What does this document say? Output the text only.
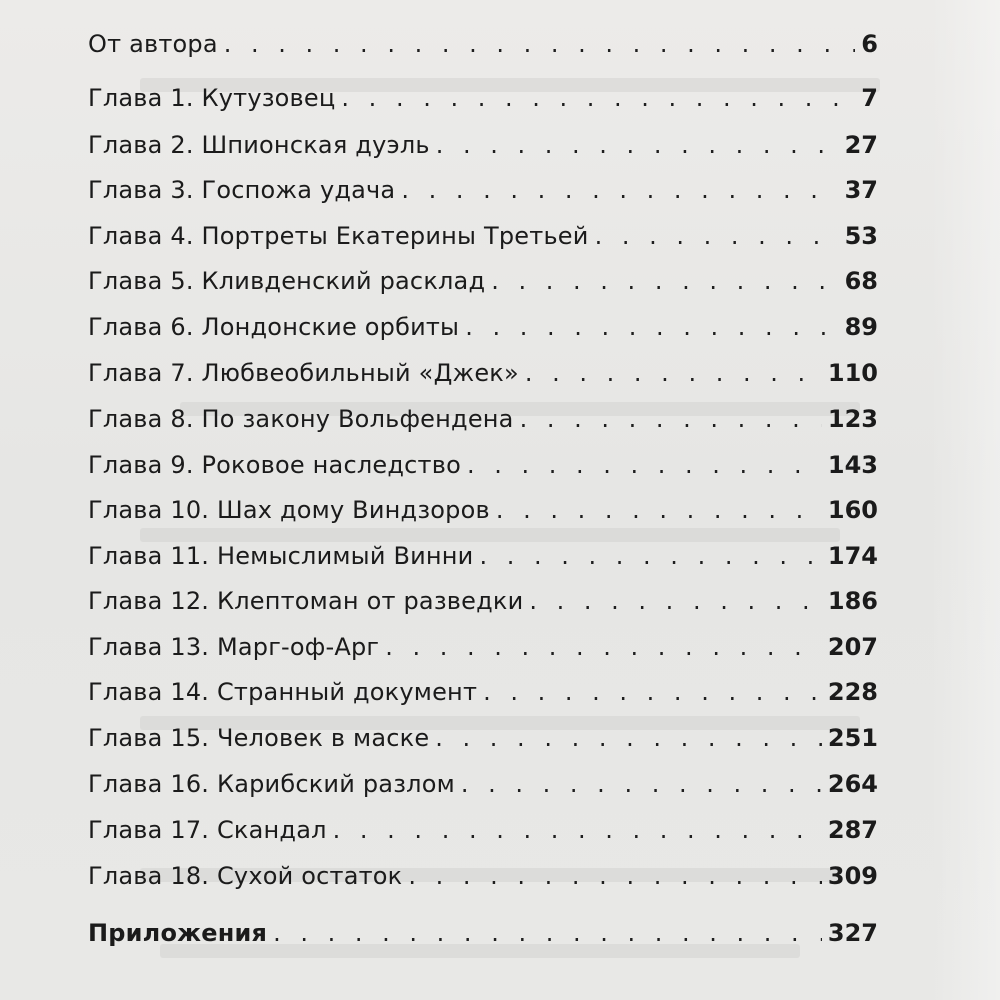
От автора . . .	6
Глава 1. Кутузовец . . .	7
Глава 2. Шпионская дуэль . . .	27
Глава 3. Госпожа удача . . .	37
Глава 4. Портреты Екатерины Третьей . . .	53
Глава 5. Кливденский расклад . . .	68
Глава 6. Лондонские орбиты . . .	89
Глава 7. Любвеобильный «Джек» . . .	110
Глава 8. По закону Вольфендена . . .	123
Глава 9. Роковое наследство . . .	143
Глава 10. Шах дому Виндзоров . . .	160
Глава 11. Немыслимый Винни . . .	174
Глава 12. Клептоман от разведки . . .	186
Глава 13. Марг-оф-Арг . . .	207
Глава 14. Странный документ . . .	228
Глава 15. Человек в маске . . .	251
Глава 16. Карибский разлом . . .	264
Глава 17. Скандал . . .	287
Глава 18. Сухой остаток . . .	309
Приложения . . .	327
